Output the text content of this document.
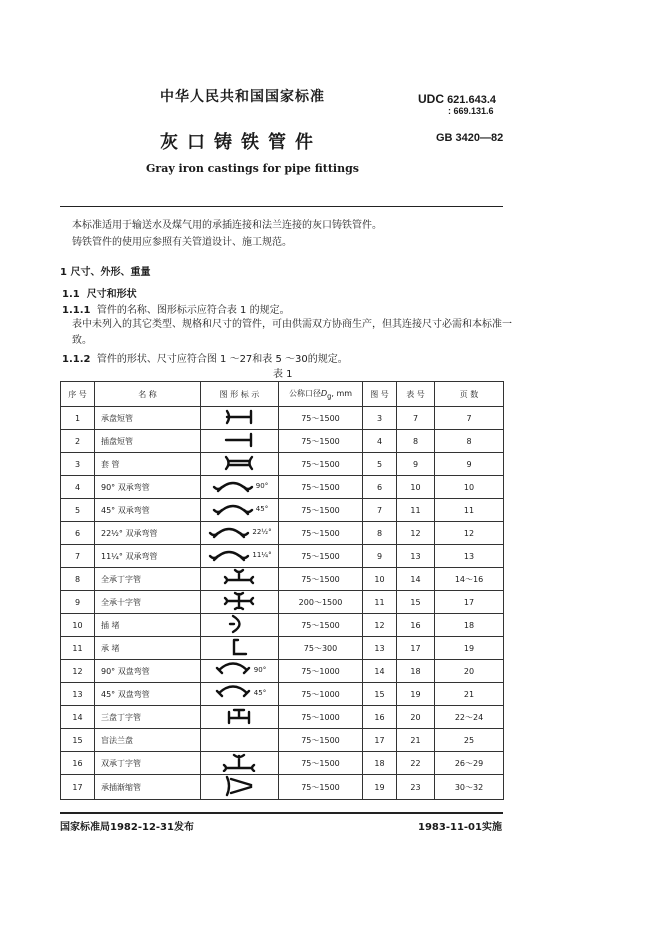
中华人民共和国国家标准
灰口铸铁管件
Gray iron castings for pipe fittings
UDC 621.643.4
: 669.131.6
GB 3420—82
本标准适用于输送水及煤气用的承插连接和法兰连接的灰口铸铁管件。
铸铁管件的使用应参照有关管道设计、施工规范。
1 尺寸、外形、重量
1.1 尺寸和形状
1.1.1 管件的名称、图形标示应符合表 1 的规定。
表中未列入的其它类型、规格和尺寸的管件，可由供需双方协商生产，但其连接尺寸必需和本标准一致。
1.1.2 管件的形状、尺寸应符合图 1 ～27和表 5 ～30的规定。
表 1
序 号	名 称	图 形 标 示	公称口径$D_g$, mm	图 号	表 号	页 数
1	承盘短管		75～1500	3	7	7
2	插盘短管		75～1500	4	8	8
3	套 管		75～1500	5	9	9
4	90° 双承弯管	90°	75～1500	6	10	10
5	45° 双承弯管	45°	75～1500	7	11	11
6	22½° 双承弯管	22½°	75～1500	8	12	12
7	11¼° 双承弯管	11¼°	75～1500	9	13	13
8	全承丁字管		75～1500	10	14	14～16
9	全承十字管		200～1500	11	15	17
10	插 堵		75～1500	12	16	18
11	承 堵		75～300	13	17	19
12	90° 双盘弯管	90°	75～1000	14	18	20
13	45° 双盘弯管	45°	75～1000	15	19	21
14	三盘丁字管		75～1000	16	20	22～24
15	盲法兰盘		75～1500	17	21	25
16	双承丁字管		75～1500	18	22	26～29
17	承插渐缩管		75～1500	19	23	30～32
国家标准局1982-12-31发布	1983-11-01实施
